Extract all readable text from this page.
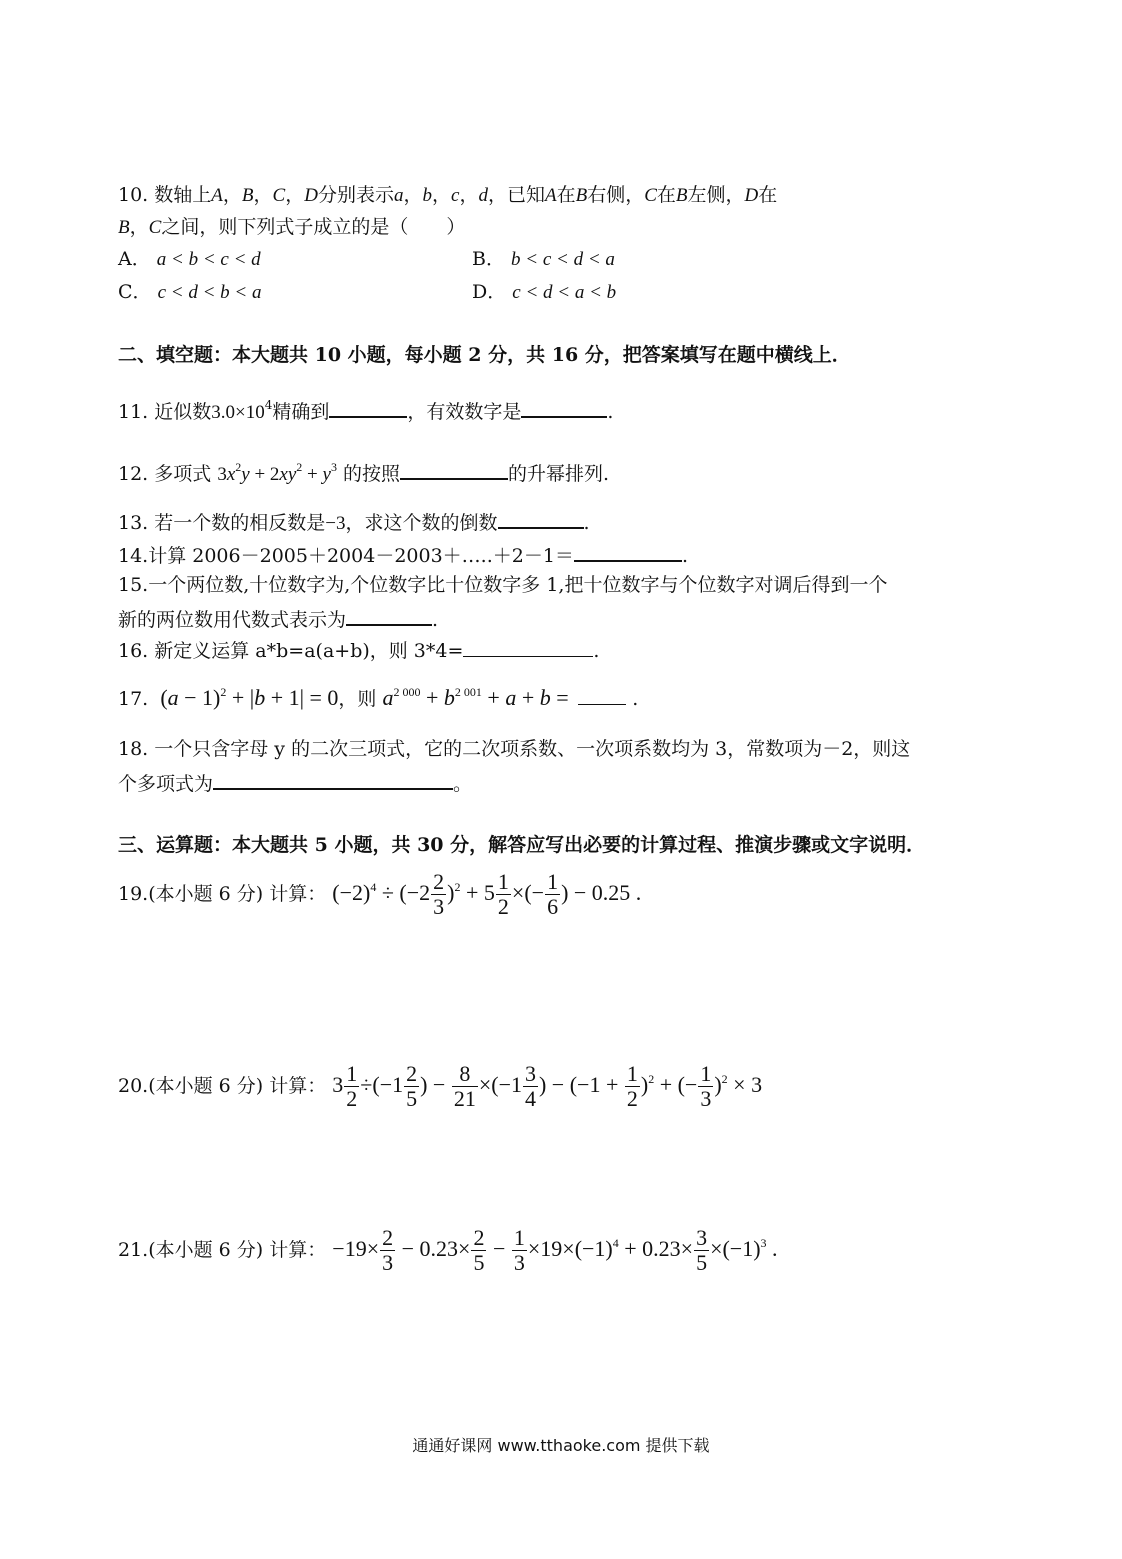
10. 数轴上A，B，C，D分别表示a，b，c，d，已知A在B右侧，C在B左侧，D在
B，C之间，则下列式子成立的是（　　）
A． a < b < c < d	B． b < c < d < a
C． c < d < b < a	D． c < d < a < b
二、填空题：本大题共 10 小题，每小题 2 分，共 16 分，把答案填写在题中横线上．
11. 近似数$3.0\times 10^4$精确到	，有效数字是	.
12. 多项式 $3x^2y + 2xy^2 + y^3$ 的按照	的升幂排列.
13. 若一个数的相反数是−3，求这个数的倒数	.
14.计算 2006－2005＋2004－2003＋…..＋2－1＝	.
15.一个两位数,十位数字为,个位数字比十位数字多 1,把十位数字与个位数字对调后得到一个
新的两位数用代数式表示为	.
16. 新定义运算 a*b=a(a+b)，则 3*4=	.
17. $(a - 1)^2 + |b + 1| = 0$，则 $a^{2 000} + b^{2 001} + a + b$ =	.
18. 一个只含字母 y 的二次三项式，它的二次项系数、一次项系数均为 3，常数项为－2，则这
个多项式为	。
三、运算题：本大题共 5 小题，共 30 分，解答应写出必要的计算过程、推演步骤或文字说明．
19.(本小题 6 分) 计算： $(-2)^4 \div (-2 \frac{2}{3} )^2 + 5 \frac{1}{2}$ ×(− $\frac{1}{6}$ ) − 0.25 .
20.(本小题 6 分) 计算： $3 \frac{1}{2} \div(-1 \frac{2}{5}$ ) − $\frac{8}{21} \times(-1 \frac{3}{4}$ ) − $(-1 + \frac{1}{2} )^2$ + (− $\frac{1}{3} )^2 \times 3$
21.(本小题 6 分) 计算： $-19\times \frac{2}{3} - 0.23\times \frac{2}{5} - \frac{1}{3} \times 19\times(-1)^4 + 0.23\times \frac{3}{5} \times(-1)^3$ .
通通好课网 www.tthaoke.com 提供下载
